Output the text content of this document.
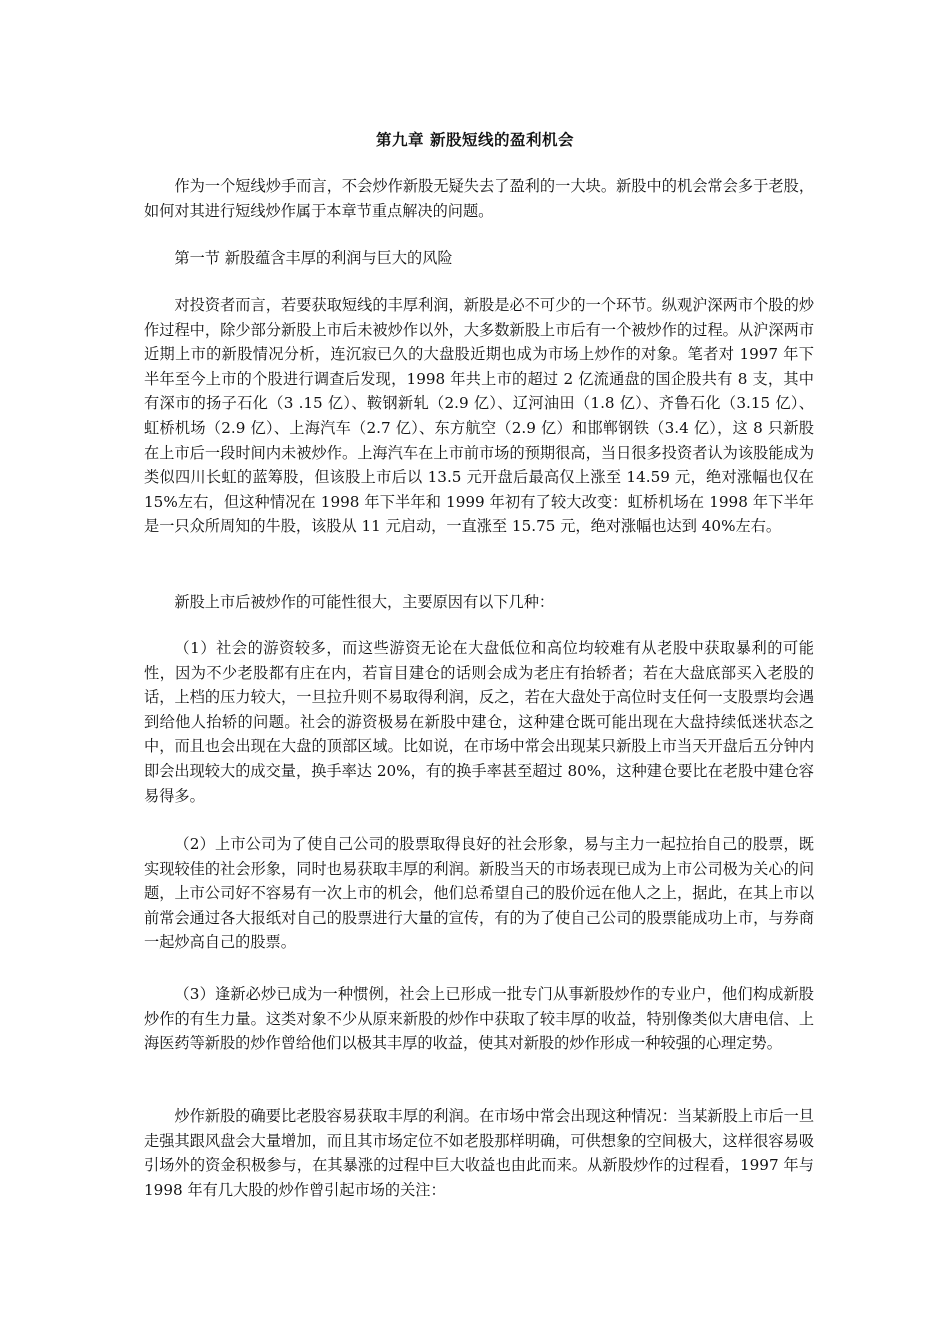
第九章 新股短线的盈利机会

作为一个短线炒手而言，不会炒作新股无疑失去了盈利的一大块。新股中的机会常会多于老股，如何对其进行短线炒作属于本章节重点解决的问题。

第一节 新股蕴含丰厚的利润与巨大的风险

对投资者而言，若要获取短线的丰厚利润，新股是必不可少的一个环节。纵观沪深两市个股的炒作过程中，除少部分新股上市后未被炒作以外，大多数新股上市后有一个被炒作的过程。从沪深两市近期上市的新股情况分析，连沉寂已久的大盘股近期也成为市场上炒作的对象。笔者对 1997 年下半年至今上市的个股进行调查后发现，1998 年共上市的超过 2 亿流通盘的国企股共有 8 支，其中有深市的扬子石化（3 .15 亿）、鞍钢新轧（2.9 亿）、辽河油田（1.8 亿）、齐鲁石化（3.15 亿）、虹桥机场（2.9 亿）、上海汽车（2.7 亿）、东方航空（2.9 亿）和邯郸钢铁（3.4 亿），这 8 只新股在上市后一段时间内未被炒作。上海汽车在上市前市场的预期很高，当日很多投资者认为该股能成为类似四川长虹的蓝筹股，但该股上市后以 13.5 元开盘后最高仅上涨至 14.59 元，绝对涨幅也仅在 15%左右，但这种情况在 1998 年下半年和 1999 年初有了较大改变：虹桥机场在 1998 年下半年是一只众所周知的牛股，该股从 11 元启动，一直涨至 15.75 元，绝对涨幅也达到 40%左右。

新股上市后被炒作的可能性很大，主要原因有以下几种：

（1）社会的游资较多，而这些游资无论在大盘低位和高位均较难有从老股中获取暴利的可能性，因为不少老股都有庄在内，若盲目建仓的话则会成为老庄有抬轿者；若在大盘底部买入老股的话，上档的压力较大，一旦拉升则不易取得利润，反之，若在大盘处于高位时支任何一支股票均会遇到给他人抬轿的问题。社会的游资极易在新股中建仓，这种建仓既可能出现在大盘持续低迷状态之中，而且也会出现在大盘的顶部区域。比如说，在市场中常会出现某只新股上市当天开盘后五分钟内即会出现较大的成交量，换手率达 20%，有的换手率甚至超过 80%，这种建仓要比在老股中建仓容易得多。

（2）上市公司为了使自己公司的股票取得良好的社会形象，易与主力一起拉抬自己的股票，既实现较佳的社会形象，同时也易获取丰厚的利润。新股当天的市场表现已成为上市公司极为关心的问题，上市公司好不容易有一次上市的机会，他们总希望自己的股价远在他人之上，据此，在其上市以前常会通过各大报纸对自己的股票进行大量的宣传，有的为了使自己公司的股票能成功上市，与券商一起炒高自己的股票。

（3）逢新必炒已成为一种惯例，社会上已形成一批专门从事新股炒作的专业户，他们构成新股炒作的有生力量。这类对象不少从原来新股的炒作中获取了较丰厚的收益，特别像类似大唐电信、上海医药等新股的炒作曾给他们以极其丰厚的收益，使其对新股的炒作形成一种较强的心理定势。

炒作新股的确要比老股容易获取丰厚的利润。在市场中常会出现这种情况：当某新股上市后一旦走强其跟风盘会大量增加，而且其市场定位不如老股那样明确，可供想象的空间极大，这样很容易吸引场外的资金积极参与，在其暴涨的过程中巨大收益也由此而来。从新股炒作的过程看，1997 年与 1998 年有几大股的炒作曾引起市场的关注：
